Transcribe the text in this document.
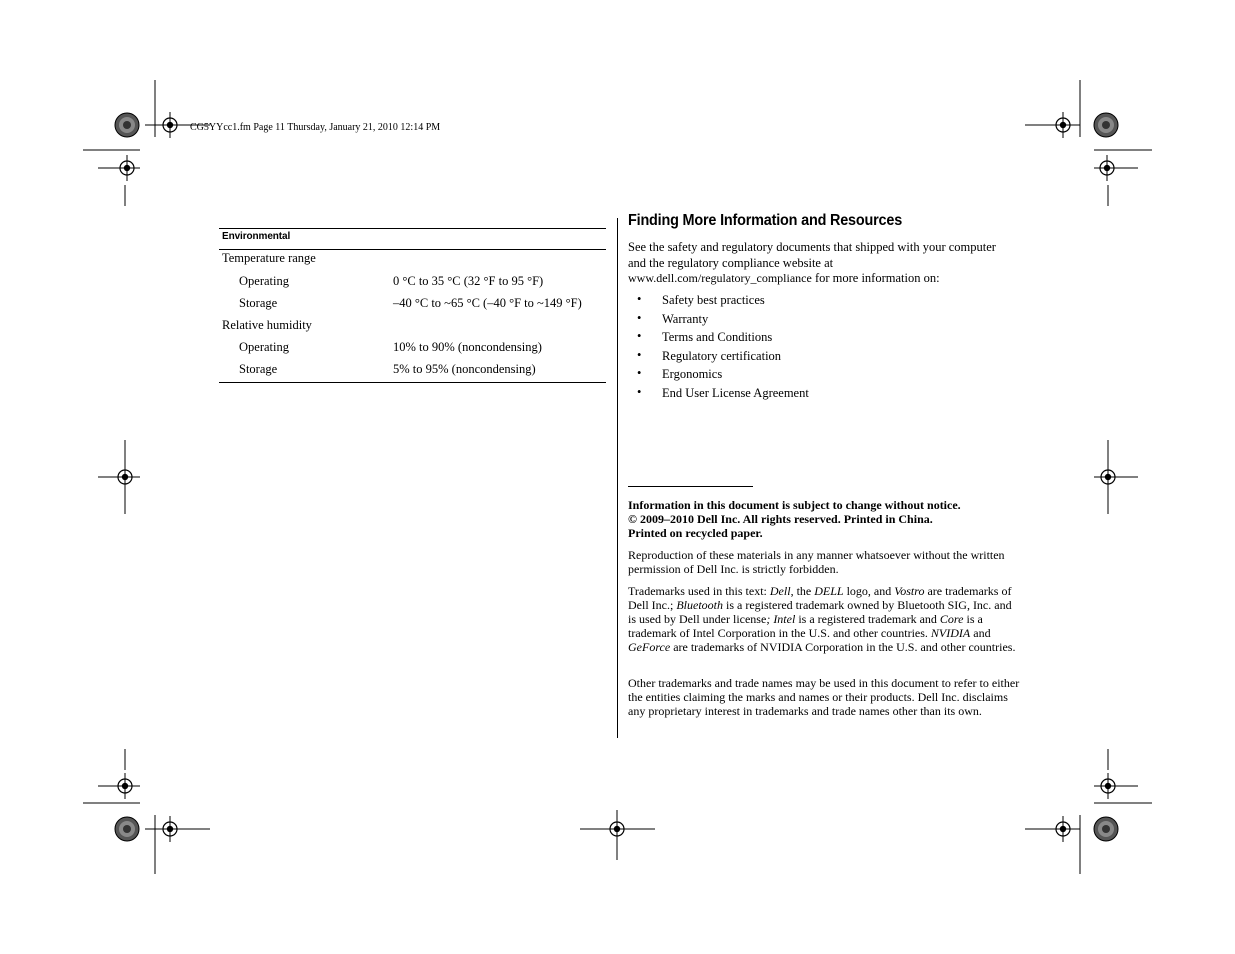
CG5YYcc1.fm Page 11 Thursday, January 21, 2010 12:14 PM
Environmental
Temperature range
Operating	0 °C to 35 °C (32 °F to 95 °F)
Storage	–40 °C to ~65 °C (–40 °F to ~149 °F)
Relative humidity
Operating	10% to 90% (noncondensing)
Storage	5% to 95% (noncondensing)
Finding More Information and Resources
See the safety and regulatory documents that shipped with your computer
and the regulatory compliance website at
www.dell.com/regulatory_compliance for more information on:
• Safety best practices
• Warranty
• Terms and Conditions
• Regulatory certification
• Ergonomics
• End User License Agreement
Information in this document is subject to change without notice.
© 2009–2010 Dell Inc. All rights reserved. Printed in China.
Printed on recycled paper.
Reproduction of these materials in any manner whatsoever without the written permission of Dell Inc. is strictly forbidden.
Trademarks used in this text: Dell, the DELL logo, and Vostro are trademarks of Dell Inc.; Bluetooth is a registered trademark owned by Bluetooth SIG, Inc. and is used by Dell under license; Intel is a registered trademark and Core is a trademark of Intel Corporation in the U.S. and other countries. NVIDIA and GeForce are trademarks of NVIDIA Corporation in the U.S. and other countries.
Other trademarks and trade names may be used in this document to refer to either the entities claiming the marks and names or their products. Dell Inc. disclaims any proprietary interest in trademarks and trade names other than its own.
